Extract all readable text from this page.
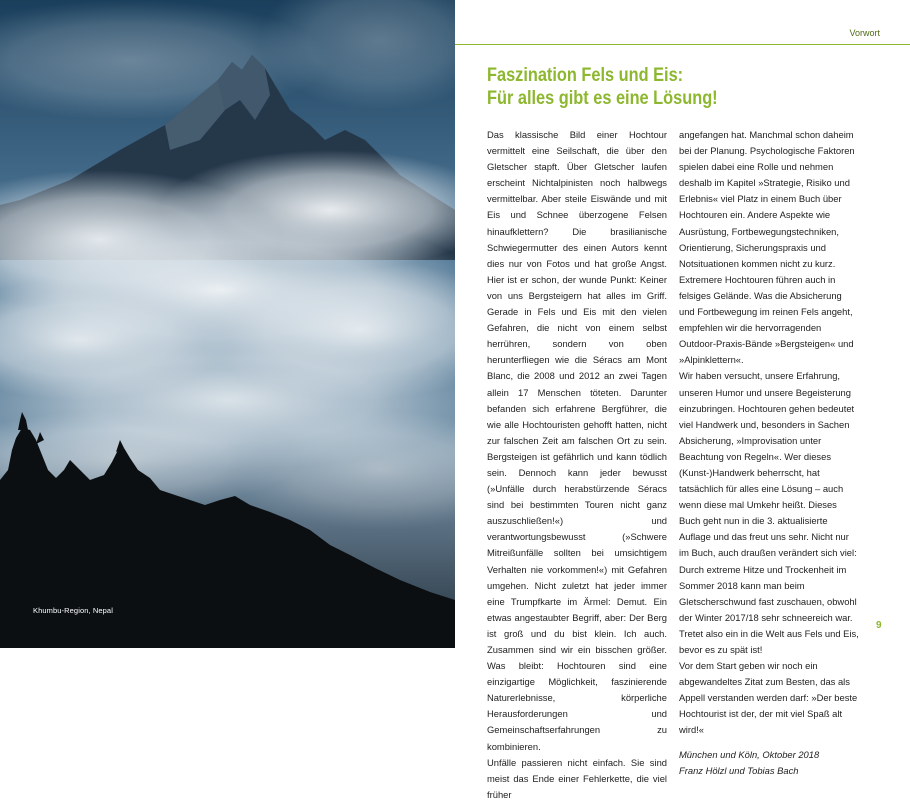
Khumbu-Region, Nepal
Vorwort
Faszination Fels und Eis:
Für alles gibt es eine Lösung!

Das klassische Bild einer Hochtour vermittelt eine Seilschaft, die über den Gletscher stapft. Über Gletscher laufen erscheint Nichtalpinisten noch halbwegs vermittelbar. Aber steile Eiswände und mit Eis und Schnee überzogene Felsen hinaufklettern? Die brasilianische Schwiegermutter des einen Autors kennt dies nur von Fotos und hat große Angst. Hier ist er schon, der wunde Punkt: Keiner von uns Bergsteigern hat alles im Griff. Gerade in Fels und Eis mit den vielen Gefahren, die nicht von einem selbst herrühren, sondern von oben herunterfliegen wie die Séracs am Mont Blanc, die 2008 und 2012 an zwei Tagen allein 17 Menschen töteten. Darunter befanden sich erfahrene Bergführer, die wie alle Hochtouristen gehofft hatten, nicht zur falschen Zeit am falschen Ort zu sein. Bergsteigen ist gefährlich und kann tödlich sein. Dennoch kann jeder bewusst (»Unfälle durch herabstürzende Séracs sind bei bestimmten Touren nicht ganz auszuschließen!«) und verantwortungsbewusst (»Schwere Mitreißunfälle sollten bei umsichtigem Verhalten nie vorkommen!«) mit Gefahren umgehen. Nicht zuletzt hat jeder immer eine Trumpfkarte im Ärmel: Demut. Ein etwas angestaubter Begriff, aber: Der Berg ist groß und du bist klein. Ich auch. Zusammen sind wir ein bisschen größer. Was bleibt: Hochtouren sind eine einzigartige Möglichkeit, faszinierende Naturerlebnisse, körperliche Herausforderungen und Gemeinschaftserfahrungen zu kombinieren.

Unfälle passieren nicht einfach. Sie sind meist das Ende einer Fehlerkette, die viel früher

angefangen hat. Manchmal schon daheim bei der Planung. Psychologische Faktoren spielen dabei eine Rolle und nehmen deshalb im Kapitel »Strategie, Risiko und Erlebnis« viel Platz in einem Buch über Hochtouren ein. Andere Aspekte wie Ausrüstung, Fortbewegungstechniken, Orientierung, Sicherungspraxis und Notsituationen kommen nicht zu kurz. Extremere Hochtouren führen auch in felsiges Gelände. Was die Absicherung und Fortbewegung im reinen Fels angeht, empfehlen wir die hervorragenden Outdoor-Praxis-Bände »Bergsteigen« und »Alpinklettern«.

Wir haben versucht, unsere Erfahrung, unseren Humor und unsere Begeisterung einzubringen. Hochtouren gehen bedeutet viel Handwerk und, besonders in Sachen Absicherung, »Improvisation unter Beachtung von Regeln«. Wer dieses (Kunst-)Handwerk beherrscht, hat tatsächlich für alles eine Lösung – auch wenn diese mal Umkehr heißt. Dieses Buch geht nun in die 3. aktualisierte Auflage und das freut uns sehr. Nicht nur im Buch, auch draußen verändert sich viel: Durch extreme Hitze und Trockenheit im Sommer 2018 kann man beim Gletscherschwund fast zuschauen, obwohl der Winter 2017/18 sehr schneereich war. Tretet also ein in die Welt aus Fels und Eis, bevor es zu spät ist!

Vor dem Start geben wir noch ein abgewandeltes Zitat zum Besten, das als Appell verstanden werden darf: »Der beste Hochtourist ist der, der mit viel Spaß alt wird!«

München und Köln, Oktober 2018

Franz Hölzl und Tobias Bach

9
